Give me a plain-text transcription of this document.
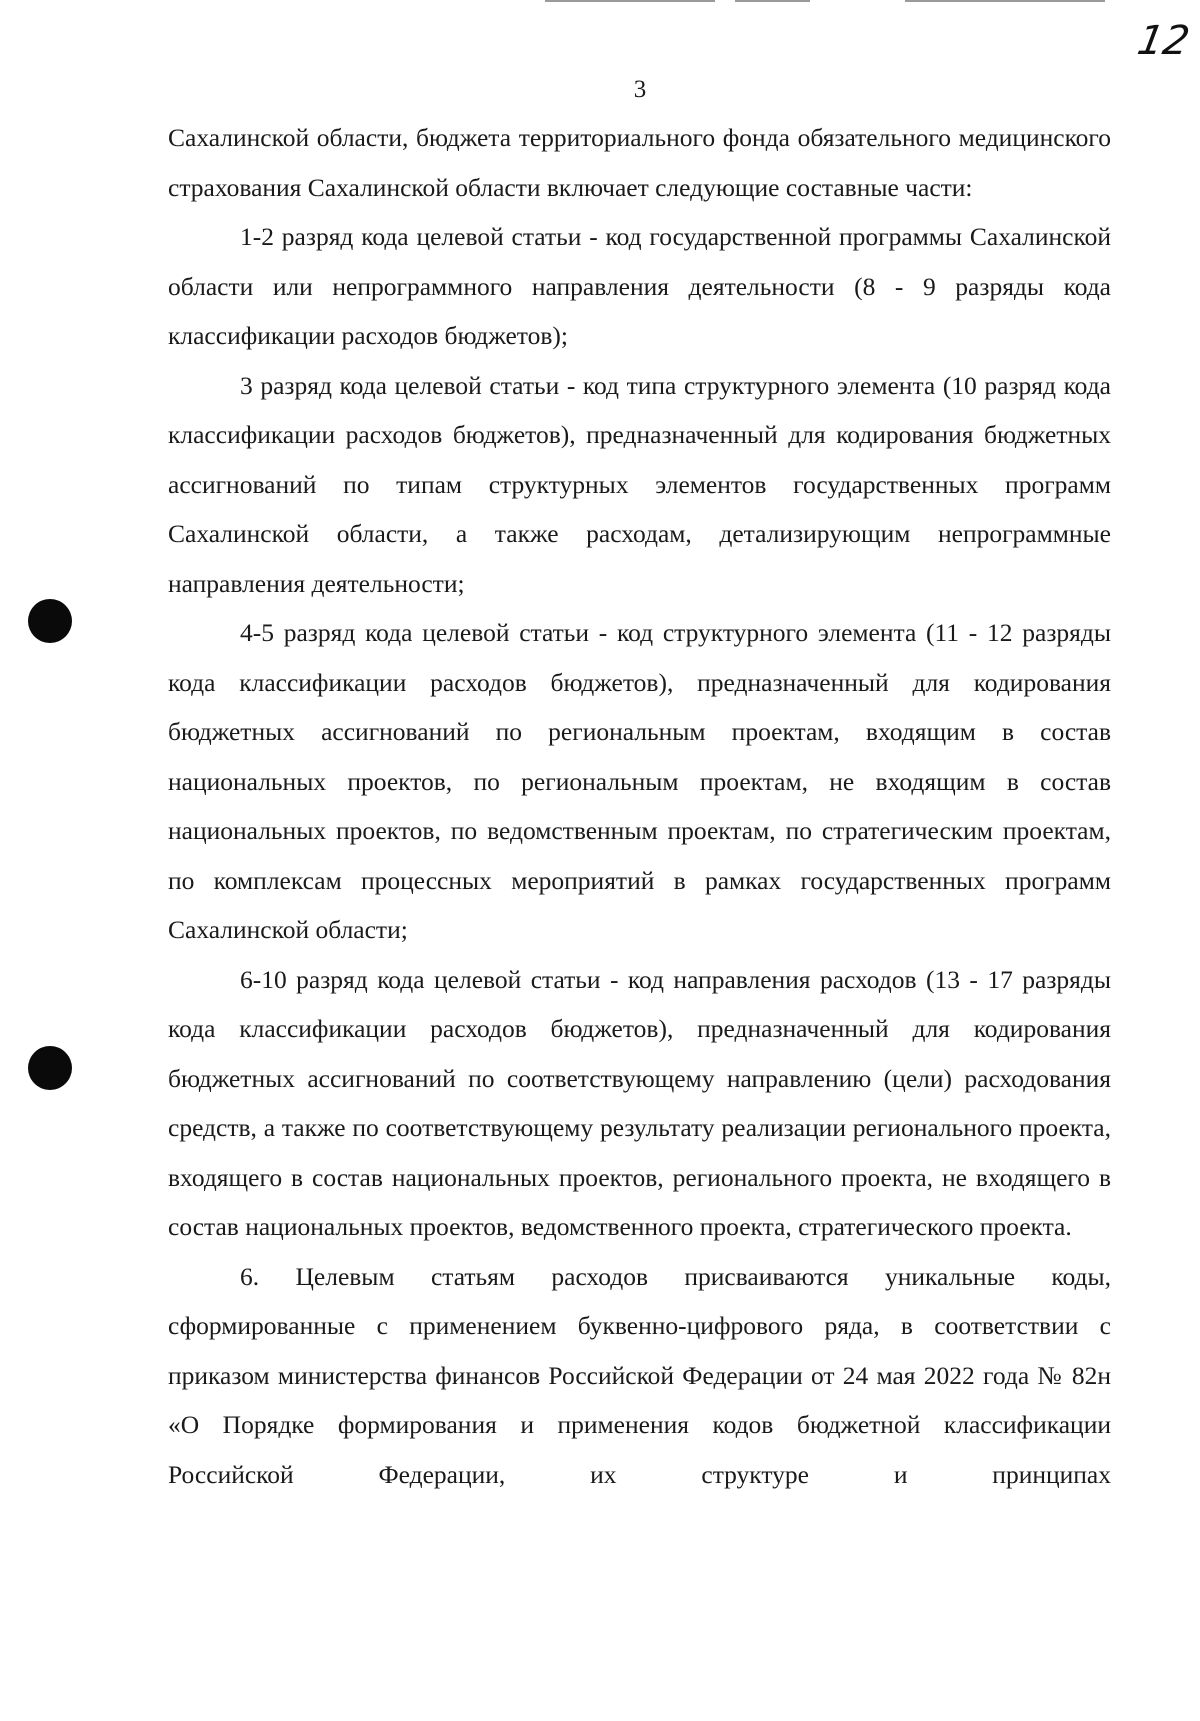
12
3

Сахалинской области, бюджета территориального фонда обязательного медицинского страхования Сахалинской области включает следующие составные части:

1-2 разряд кода целевой статьи - код государственной программы Сахалинской области или непрограммного направления деятельности (8 - 9 разряды кода классификации расходов бюджетов);

3 разряд кода целевой статьи - код типа структурного элемента (10 разряд кода классификации расходов бюджетов), предназначенный для кодирования бюджетных ассигнований по типам структурных элементов государственных программ Сахалинской области, а также расходам, детализирующим непрограммные направления деятельности;

4-5 разряд кода целевой статьи - код структурного элемента (11 - 12 разряды кода классификации расходов бюджетов), предназначенный для кодирования бюджетных ассигнований по региональным проектам, входящим в состав национальных проектов, по региональным проектам, не входящим в состав национальных проектов, по ведомственным проектам, по стратегическим проектам, по комплексам процессных мероприятий в рамках государственных программ Сахалинской области;

6-10 разряд кода целевой статьи - код направления расходов (13 - 17 разряды кода классификации расходов бюджетов), предназначенный для кодирования бюджетных ассигнований по соответствующему направлению (цели) расходования средств, а также по соответствующему результату реализации регионального проекта, входящего в состав национальных проектов, регионального проекта, не входящего в состав национальных проектов, ведомственного проекта, стратегического проекта.

6. Целевым статьям расходов присваиваются уникальные коды, сформированные с применением буквенно-цифрового ряда, в соответствии с приказом министерства финансов Российской Федерации от 24 мая 2022 года № 82н «О Порядке формирования и применения кодов бюджетной классификации Российской Федерации, их структуре и принципах
